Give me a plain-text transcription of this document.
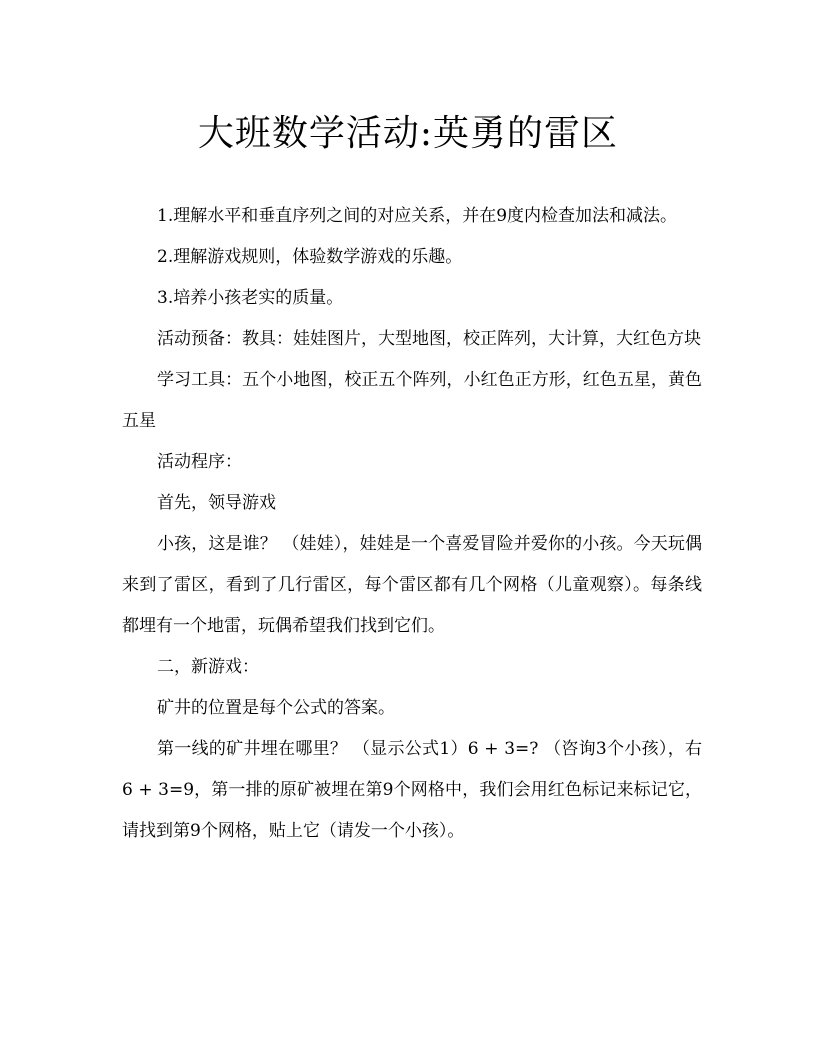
大班数学活动:英勇的雷区

1.理解水平和垂直序列之间的对应关系，并在9度内检查加法和减法。

2.理解游戏规则，体验数学游戏的乐趣。

3.培养小孩老实的质量。

活动预备：教具：娃娃图片，大型地图，校正阵列，大计算，大红色方块

学习工具：五个小地图，校正五个阵列，小红色正方形，红色五星，黄色五星

活动程序：

首先，领导游戏

小孩，这是谁？ （娃娃），娃娃是一个喜爱冒险并爱你的小孩。今天玩偶来到了雷区，看到了几行雷区，每个雷区都有几个网格（儿童观察）。每条线都埋有一个地雷，玩偶希望我们找到它们。

二，新游戏：

矿井的位置是每个公式的答案。

第一线的矿井埋在哪里？ （显示公式1）6 + 3=? （咨询3个小孩），右6 + 3=9，第一排的原矿被埋在第9个网格中，我们会用红色标记来标记它，请找到第9个网格，贴上它（请发一个小孩）。
